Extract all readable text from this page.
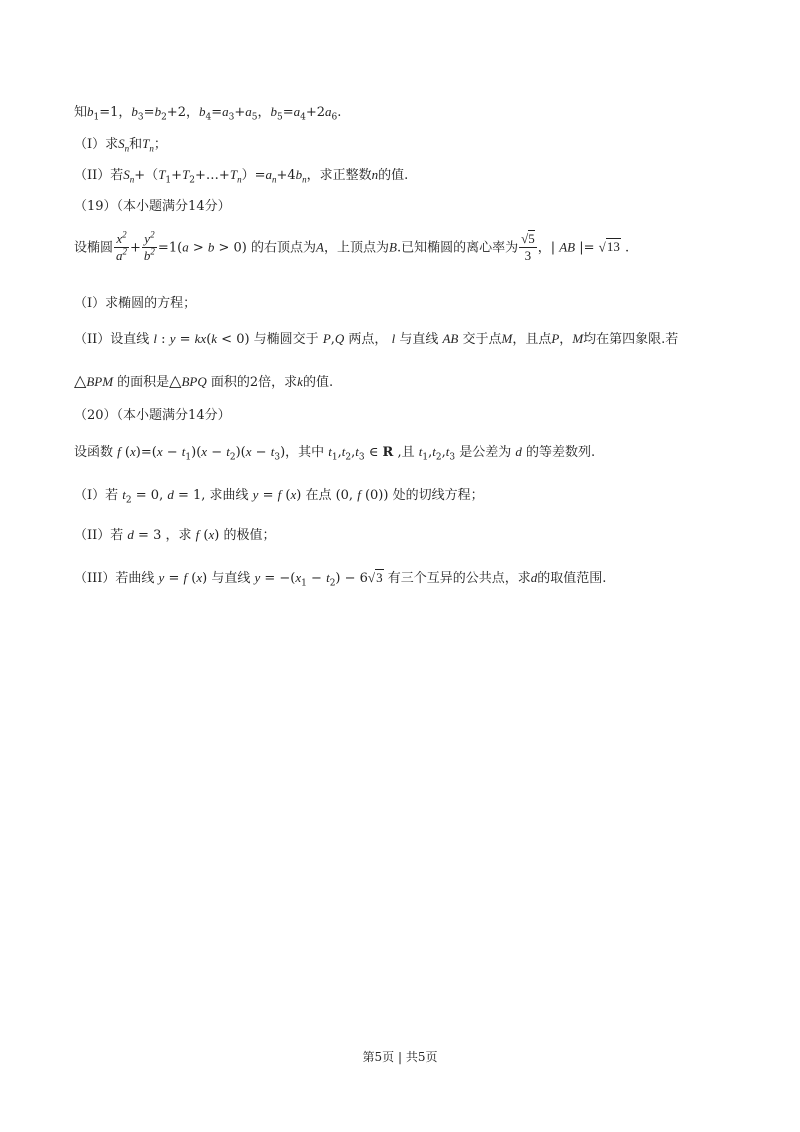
知$b_1=1$，$b_3=b_2+2$，$b_4=a_3+a_5$，$b_5=a_4+2a_6$.
（I）求$S_n$和$T_n$；
（II）若$S_n+(T_1+T_2+\dots+T_n)=a_n+4b_n$，求正整数n的值.
（19）（本小题满分14分）
设椭圆 $\frac{x^2}{a^2} + \frac{y^2}{b^2} =1(a > b > 0)$ 的右顶点为A，上顶点为B.已知椭圆的离心率为 $\frac{√5}{3}$ ，| AB |= √13 .
（Ⅰ）求椭圆的方程；
（II）设直线 l : y = kx(k < 0) 与椭圆交于 P,Q 两点， l 与直线 AB 交于点M，且点P，M均在第四象限.若
△BPM 的面积是△BPQ 面积的2倍，求k的值.
（20）（本小题满分14分）
设函数 f $(x)=(x - t_1)(x - t_2)(x - t_3)$，其中 $t_1,t_2,t_3$ ∈ R ,且 $t_1,t_2,t_3$ 是公差为 d 的等差数列.
（I）若 $t_2 = 0$, d = 1, 求曲线 y = f (x) 在点 (0, f (0)) 处的切线方程；
（II）若 d = 3 ，求 f (x) 的极值；
（III）若曲线 y = f (x) 与直线 $y = -(x_1 - t_2) - 6√3$ 有三个互异的公共点，求d的取值范围.
第5页 | 共5页
